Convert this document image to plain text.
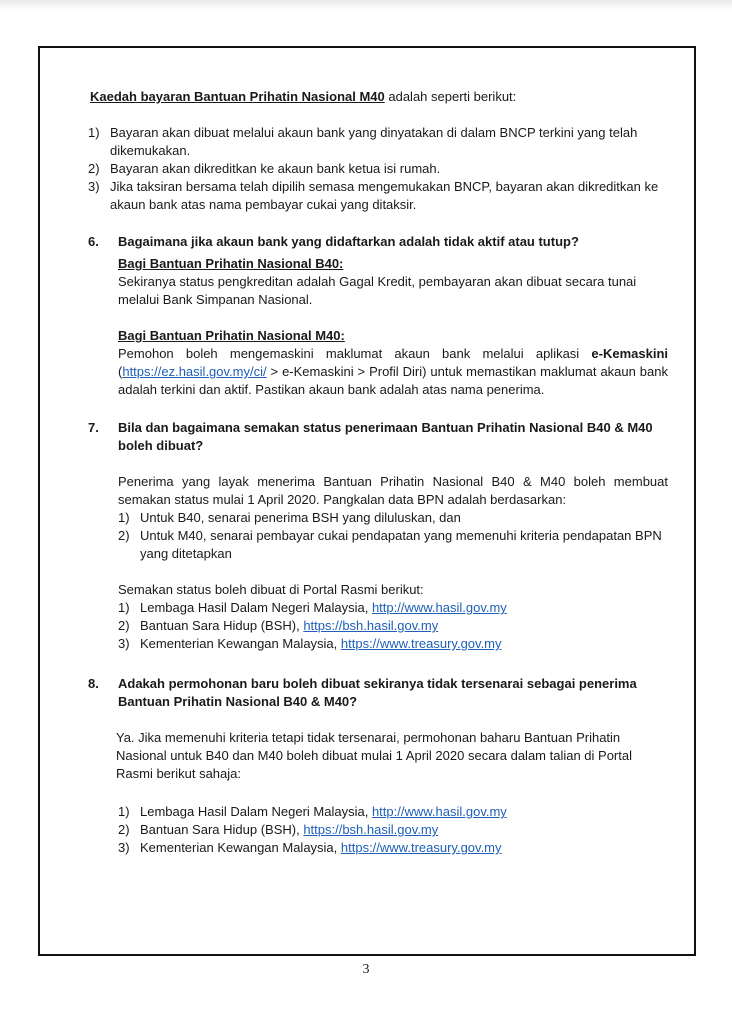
Kaedah bayaran Bantuan Prihatin Nasional M40 adalah seperti berikut:
1) Bayaran akan dibuat melalui akaun bank yang dinyatakan di dalam BNCP terkini yang telah dikemukakan.
2) Bayaran akan dikreditkan ke akaun bank ketua isi rumah.
3) Jika taksiran bersama telah dipilih semasa mengemukakan BNCP, bayaran akan dikreditkan ke akaun bank atas nama pembayar cukai yang ditaksir.
6. Bagaimana jika akaun bank yang didaftarkan adalah tidak aktif atau tutup?
Bagi Bantuan Prihatin Nasional B40:
Sekiranya status pengkreditan adalah Gagal Kredit, pembayaran akan dibuat secara tunai melalui Bank Simpanan Nasional.
Bagi Bantuan Prihatin Nasional M40:
Pemohon boleh mengemaskini maklumat akaun bank melalui aplikasi e-Kemaskini (https://ez.hasil.gov.my/ci/ > e-Kemaskini > Profil Diri) untuk memastikan maklumat akaun bank adalah terkini dan aktif. Pastikan akaun bank adalah atas nama penerima.
7. Bila dan bagaimana semakan status penerimaan Bantuan Prihatin Nasional B40 & M40 boleh dibuat?
Penerima yang layak menerima Bantuan Prihatin Nasional B40 & M40 boleh membuat semakan status mulai 1 April 2020. Pangkalan data BPN adalah berdasarkan:
1) Untuk B40, senarai penerima BSH yang diluluskan, dan
2) Untuk M40, senarai pembayar cukai pendapatan yang memenuhi kriteria pendapatan BPN yang ditetapkan
Semakan status boleh dibuat di Portal Rasmi berikut:
1) Lembaga Hasil Dalam Negeri Malaysia, http://www.hasil.gov.my
2) Bantuan Sara Hidup (BSH), https://bsh.hasil.gov.my
3) Kementerian Kewangan Malaysia, https://www.treasury.gov.my
8. Adakah permohonan baru boleh dibuat sekiranya tidak tersenarai sebagai penerima Bantuan Prihatin Nasional B40 & M40?
Ya. Jika memenuhi kriteria tetapi tidak tersenarai, permohonan baharu Bantuan Prihatin Nasional untuk B40 dan M40 boleh dibuat mulai 1 April 2020 secara dalam talian di Portal Rasmi berikut sahaja:
1) Lembaga Hasil Dalam Negeri Malaysia, http://www.hasil.gov.my
2) Bantuan Sara Hidup (BSH), https://bsh.hasil.gov.my
3) Kementerian Kewangan Malaysia, https://www.treasury.gov.my
3
